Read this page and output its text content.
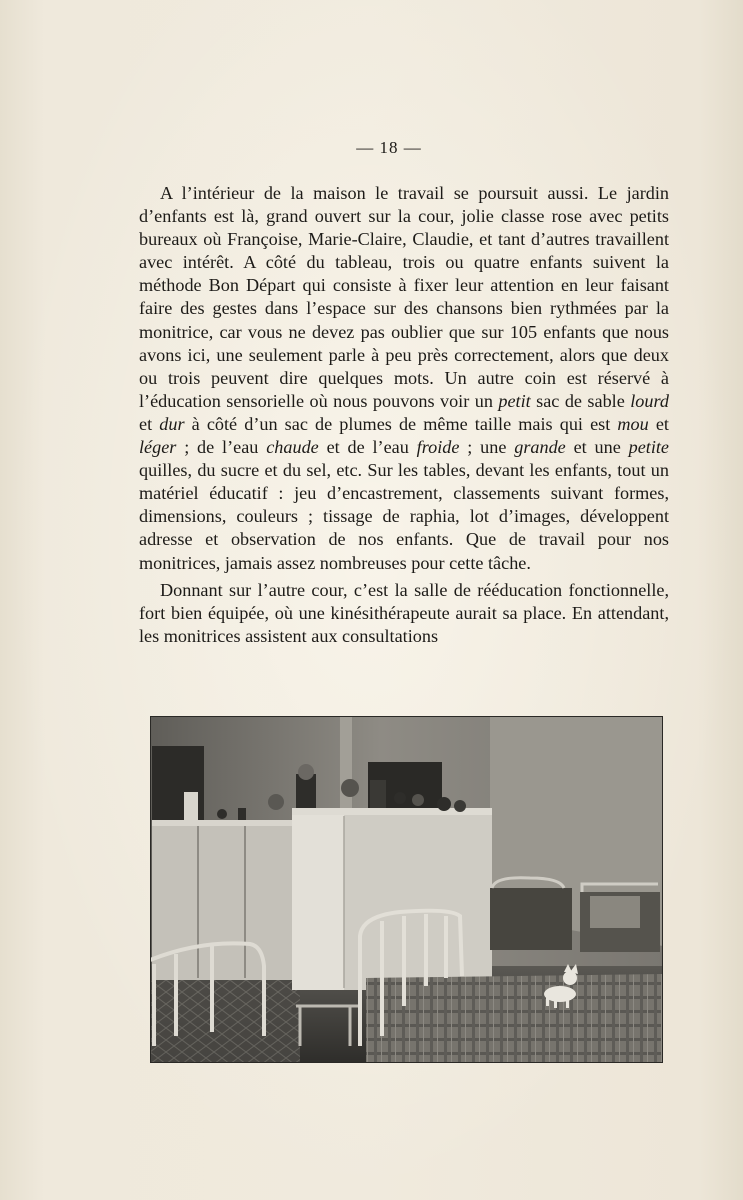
— 18 —

A l’intérieur de la maison le travail se poursuit aussi. Le jardin d’enfants est là, grand ouvert sur la cour, jolie classe rose avec petits bureaux où Françoise, Marie-Claire, Claudie, et tant d’autres travaillent avec intérêt. A côté du tableau, trois ou quatre enfants suivent la méthode Bon Départ qui consiste à fixer leur attention en leur faisant faire des gestes dans l’espace sur des chansons bien rythmées par la monitrice, car vous ne devez pas oublier que sur 105 enfants que nous avons ici, une seulement parle à peu près correctement, alors que deux ou trois peuvent dire quelques mots. Un autre coin est réservé à l’éducation sensorielle où nous pouvons voir un petit sac de sable lourd et dur à côté d’un sac de plumes de même taille mais qui est mou et léger ; de l’eau chaude et de l’eau froide ; une grande et une petite quilles, du sucre et du sel, etc. Sur les tables, devant les enfants, tout un matériel éducatif : jeu d’encastrement, classements suivant formes, dimensions, couleurs ; tissage de raphia, lot d’images, développent adresse et observation de nos enfants. Que de travail pour nos monitrices, jamais assez nombreuses pour cette tâche.

Donnant sur l’autre cour, c’est la salle de rééducation fonctionnelle, fort bien équipée, où une kinésithérapeute aurait sa place. En attendant, les monitrices assistent aux consultations
